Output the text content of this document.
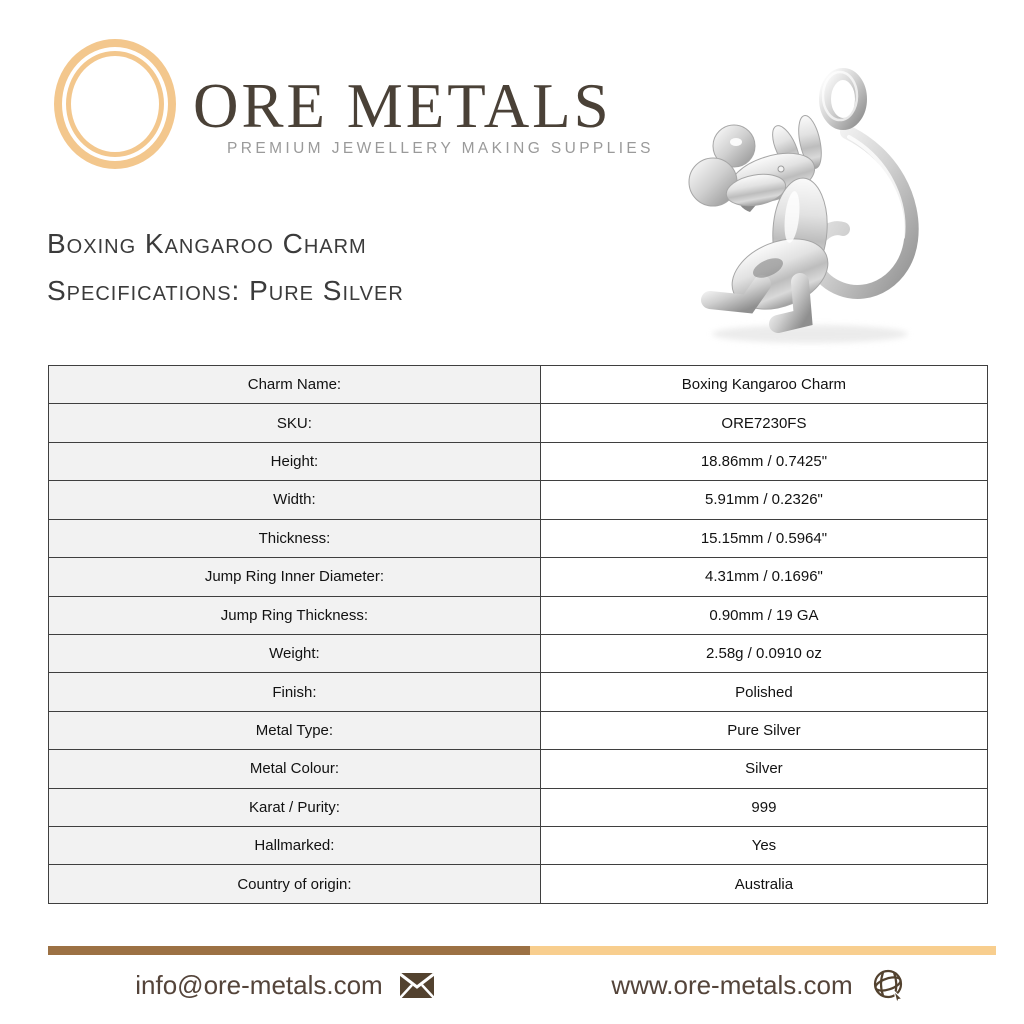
ORE METALS
PREMIUM JEWELLERY MAKING SUPPLIES
Boxing Kangaroo Charm
Specifications: Pure Silver
Charm Name:	Boxing Kangaroo Charm
SKU:	ORE7230FS
Height:	18.86mm / 0.7425"
Width:	5.91mm / 0.2326"
Thickness:	15.15mm / 0.5964"
Jump Ring Inner Diameter:	4.31mm / 0.1696"
Jump Ring Thickness:	0.90mm / 19 GA
Weight:	2.58g / 0.0910 oz
Finish:	Polished
Metal Type:	Pure Silver
Metal Colour:	Silver
Karat / Purity:	999
Hallmarked:	Yes
Country of origin:	Australia
info@ore-metals.com	www.ore-metals.com
